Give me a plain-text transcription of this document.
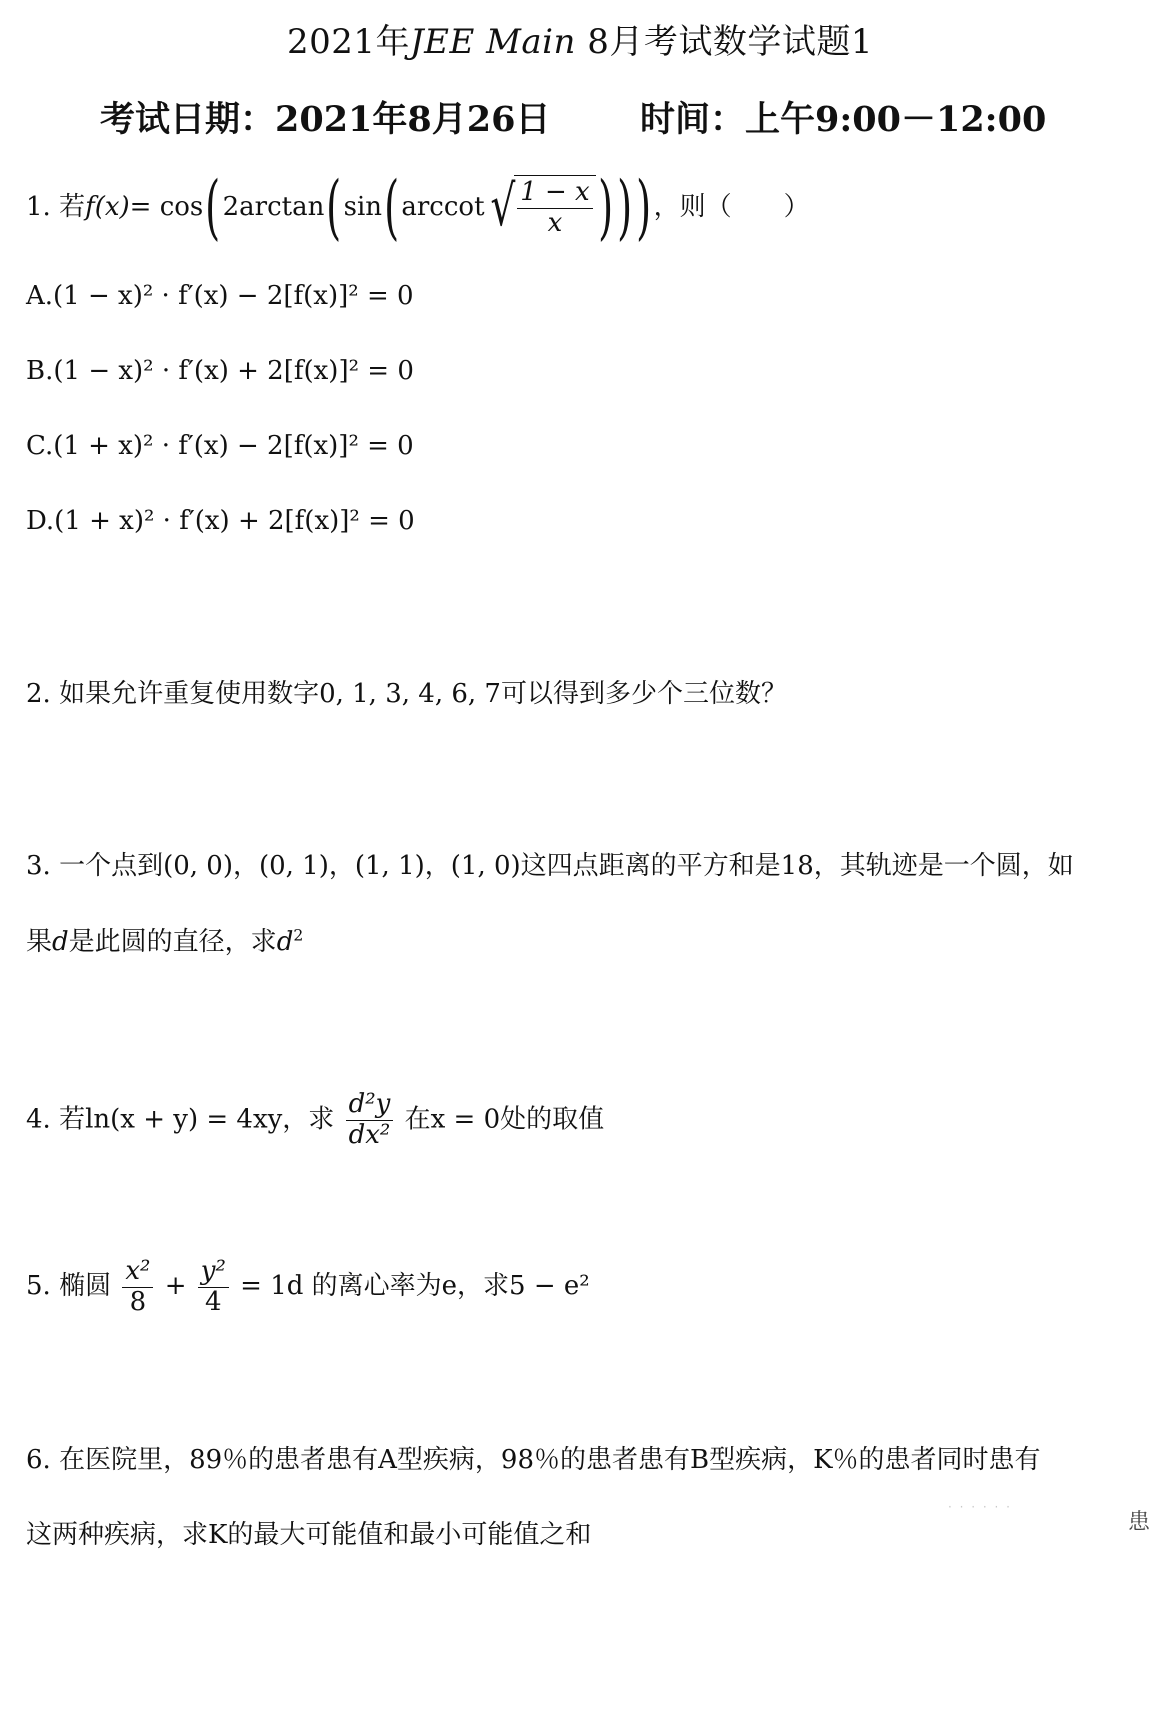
2021年JEE Main 8月考试数学试题1
考试日期：2021年8月26日	时间：上午9:00－12:00
1. 若$f(x)= \cos(2\arctan(\sin(arccot√ \frac{1 - x}{x}$ )))，则（　　）
A.(1 − x)² · f′(x) − 2[f(x)]² = 0
B.(1 − x)² · f′(x) + 2[f(x)]² = 0
C.(1 + x)² · f′(x) − 2[f(x)]² = 0
D.(1 + x)² · f′(x) + 2[f(x)]² = 0
2. 如果允许重复使用数字0, 1, 3, 4, 6, 7可以得到多少个三位数？
3. 一个点到(0, 0)，(0, 1)，(1, 1)，(1, 0)这四点距离的平方和是18，其轨迹是一个圆，如
果d是此圆的直径，求$d^2$
4. 若ln(x + y) = 4xy，求 $\frac{\text{d²y}}{\text{dx²}}$ 在x = 0处的取值
5. 椭圆 $\frac{\text{x²}}{8} + \frac{\text{y²}}{4} = 1d$ 的离心率为e，求5 − e²
6. 在医院里，89％的患者患有A型疾病，98％的患者患有B型疾病，K％的患者同时患有
这两种疾病，求K的最大可能值和最小可能值之和
· · · · · ·
患
